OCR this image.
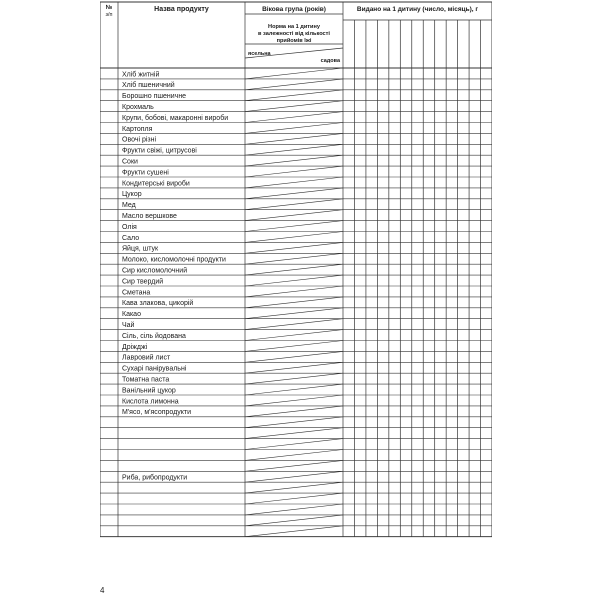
№
з/п
Назва продукту	Вікова група (років)
Норма на 1 дитину
в залежності від кількості
прийомів їжі
ясельна
садова
Видано на 1 дитину (число, місяць), г
Хліб житній
Хліб пшеничний
Борошно пшеничне
Крохмаль
Крупи, бобові, макаронні вироби
Картопля
Овочі різні
Фрукти свіжі, цитрусові
Соки
Фрукти сушені
Кондитерські вироби
Цукор
Мед
Масло вершкове
Олія
Сало
Яйця, штук
Молоко, кисломолочні продукти
Сир кисломолочний
Сир твердий
Сметана
Кава злакова, цикорій
Какао
Чай
Сіль, сіль йодована
Дріжджі
Лавровий лист
Сухарі панірувальні
Томатна паста
Ванільний цукор
Кислота лимонна
М'ясо, м'ясопродукти
Риба, рибопродукти
4
